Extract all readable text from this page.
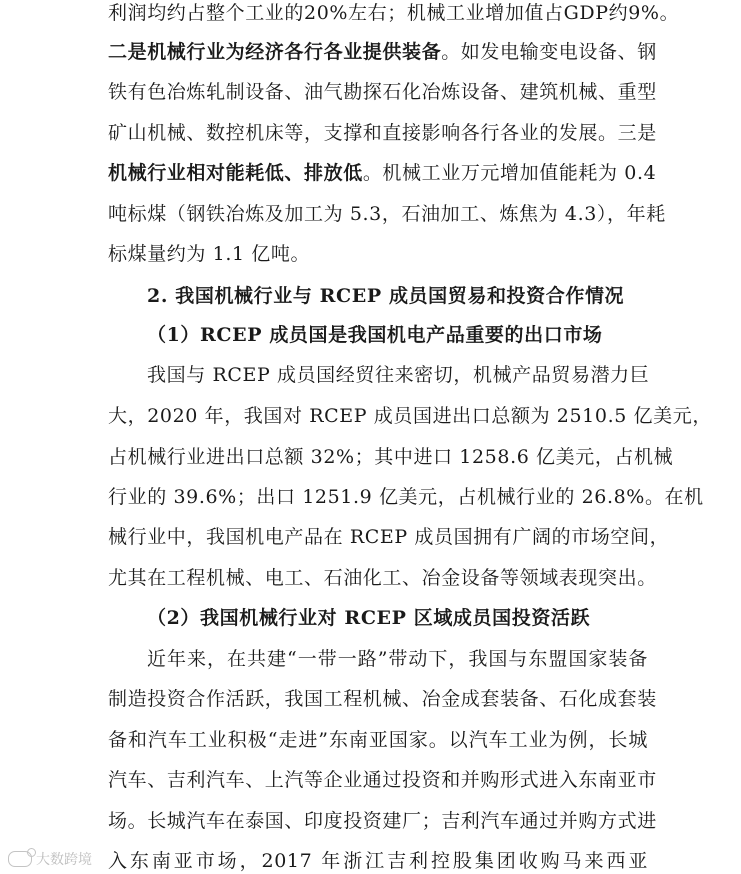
利润均约占整个工业的20%左右；机械工业增加值占GDP约9%。
二是机械行业为经济各行各业提供装备。如发电输变电设备、钢
铁有色冶炼轧制设备、油气勘探石化冶炼设备、建筑机械、重型
矿山机械、数控机床等，支撑和直接影响各行各业的发展。三是
机械行业相对能耗低、排放低。机械工业万元增加值能耗为 0.4
吨标煤（钢铁冶炼及加工为 5.3，石油加工、炼焦为 4.3），年耗
标煤量约为 1.1 亿吨。
2. 我国机械行业与 RCEP 成员国贸易和投资合作情况
（1）RCEP 成员国是我国机电产品重要的出口市场
我国与 RCEP 成员国经贸往来密切，机械产品贸易潜力巨
大，2020 年，我国对 RCEP 成员国进出口总额为 2510.5 亿美元，
占机械行业进出口总额 32%；其中进口 1258.6 亿美元，占机械
行业的 39.6%；出口 1251.9 亿美元，占机械行业的 26.8%。在机
械行业中，我国机电产品在 RCEP 成员国拥有广阔的市场空间，
尤其在工程机械、电工、石油化工、冶金设备等领域表现突出。
（2）我国机械行业对 RCEP 区域成员国投资活跃
近年来，在共建“一带一路”带动下，我国与东盟国家装备
制造投资合作活跃，我国工程机械、冶金成套装备、石化成套装
备和汽车工业积极“走进”东南亚国家。以汽车工业为例，长城
汽车、吉利汽车、上汽等企业通过投资和并购形式进入东南亚市
场。长城汽车在泰国、印度投资建厂；吉利汽车通过并购方式进
入东南亚市场，2017 年浙江吉利控股集团收购马来西亚
大数跨境
